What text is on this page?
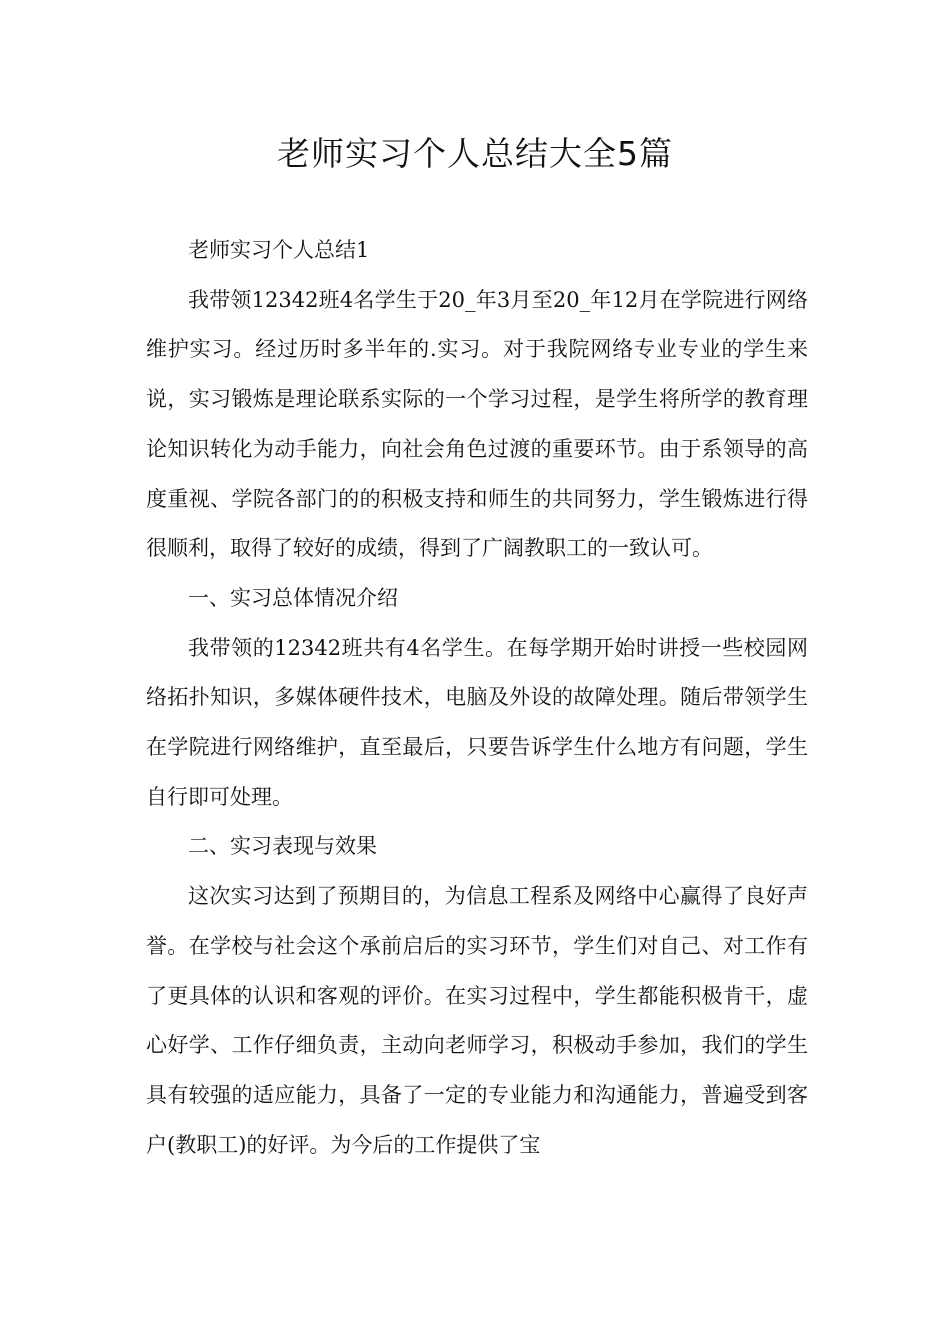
老师实习个人总结大全5篇

老师实习个人总结1

我带领12342班4名学生于20_年3月至20_年12月在学院进行网络维护实习。经过历时多半年的.实习。对于我院网络专业专业的学生来说，实习锻炼是理论联系实际的一个学习过程，是学生将所学的教育理论知识转化为动手能力，向社会角色过渡的重要环节。由于系领导的高度重视、学院各部门的的积极支持和师生的共同努力，学生锻炼进行得很顺利，取得了较好的成绩，得到了广阔教职工的一致认可。

一、实习总体情况介绍

我带领的12342班共有4名学生。在每学期开始时讲授一些校园网络拓扑知识，多媒体硬件技术，电脑及外设的故障处理。随后带领学生在学院进行网络维护，直至最后，只要告诉学生什么地方有问题，学生自行即可处理。

二、实习表现与效果

这次实习达到了预期目的，为信息工程系及网络中心赢得了良好声誉。在学校与社会这个承前启后的实习环节，学生们对自己、对工作有了更具体的认识和客观的评价。在实习过程中，学生都能积极肯干，虚心好学、工作仔细负责，主动向老师学习，积极动手参加，我们的学生具有较强的适应能力，具备了一定的专业能力和沟通能力，普遍受到客户(教职工)的好评。为今后的工作提供了宝
